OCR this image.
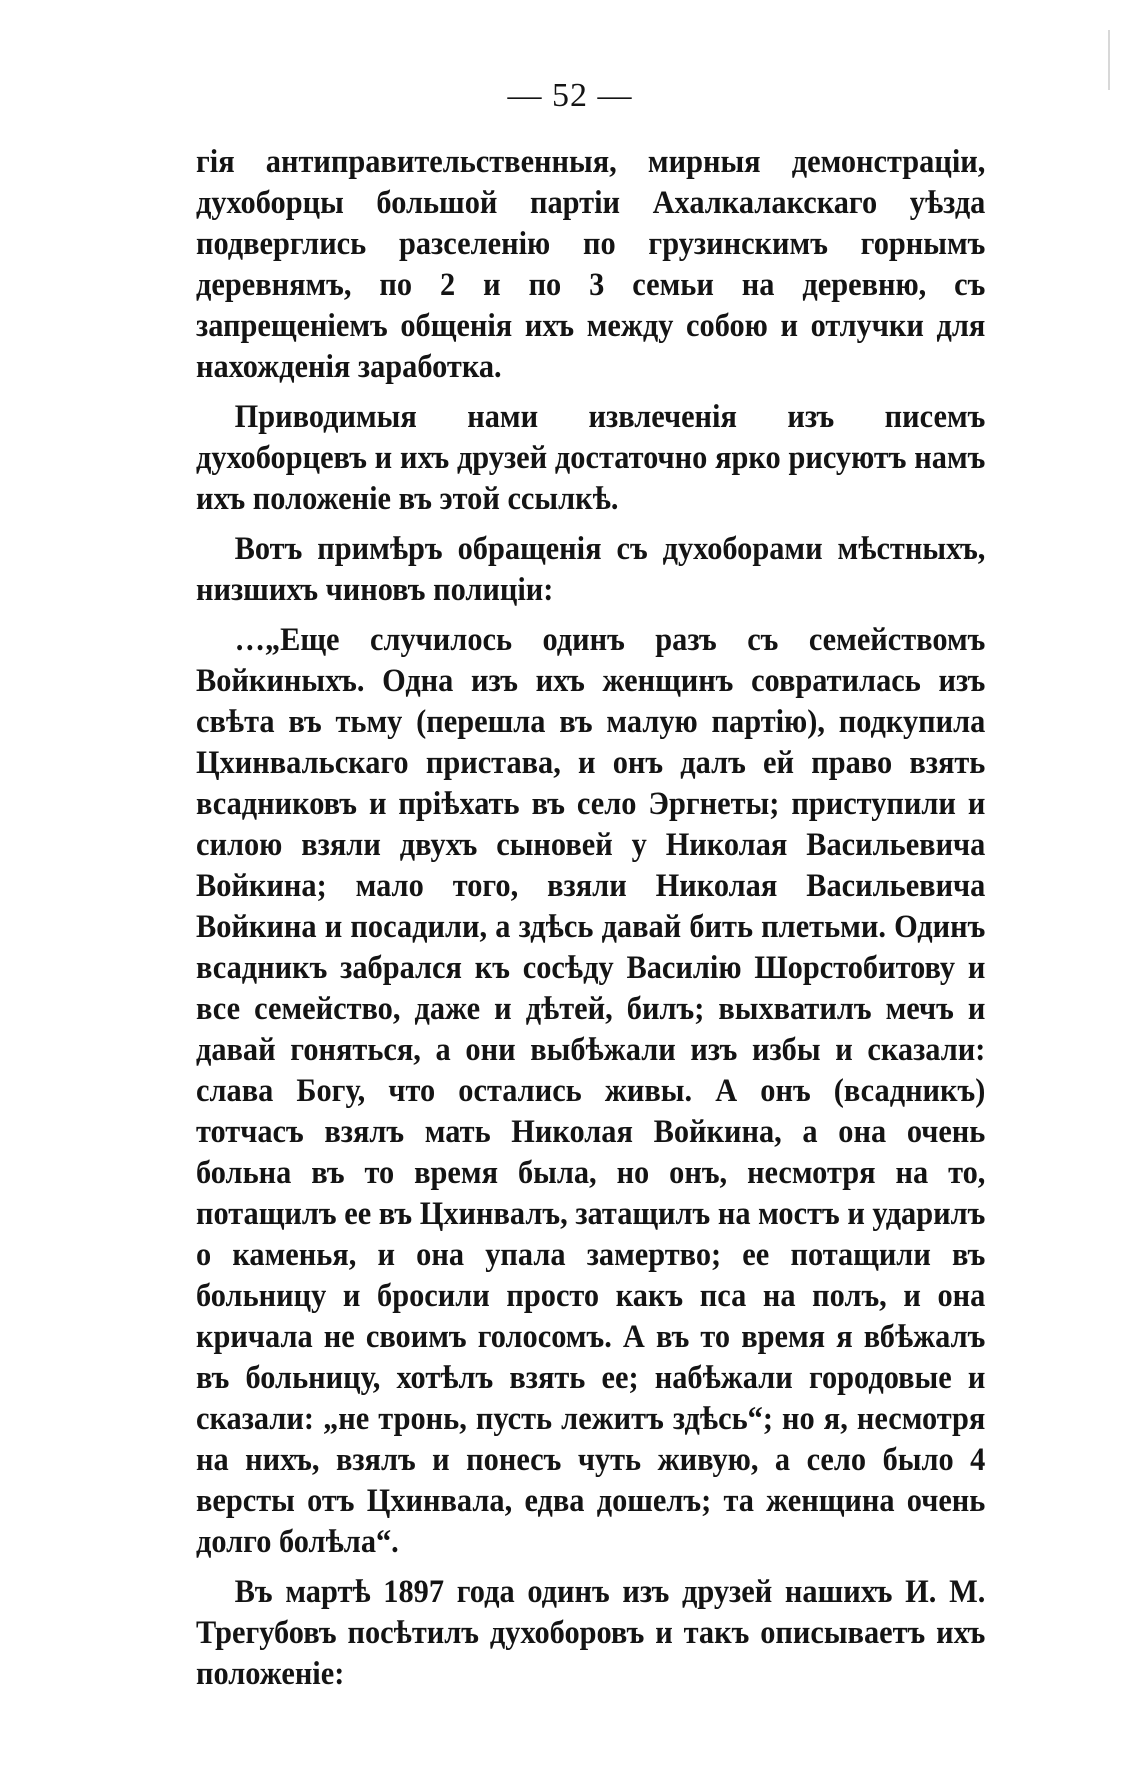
— 52 —

гія антиправительственныя, мирныя демонстраціи, духоборцы большой партіи Ахалкалакскаго уѣзда подверглись разселенію по грузинскимъ горнымъ деревнямъ, по 2 и по 3 семьи на деревню, съ запрещеніемъ общенія ихъ между собою и отлучки для нахожденія заработка.

Приводимыя нами извлеченія изъ писемъ духоборцевъ и ихъ друзей достаточно ярко рисуютъ намъ ихъ положеніе въ этой ссылкѣ.

Вотъ примѣръ обращенія съ духоборами мѣстныхъ, низшихъ чиновъ полиціи:

…„Еще случилось одинъ разъ съ семействомъ Войкиныхъ. Одна изъ ихъ женщинъ совратилась изъ свѣта въ тьму (перешла въ малую партію), подкупила Цхинвальскаго пристава, и онъ далъ ей право взять всадниковъ и пріѣхать въ село Эргнеты; приступили и силою взяли двухъ сыновей у Николая Васильевича Войкина; мало того, взяли Николая Васильевича Войкина и посадили, а здѣсь давай бить плетьми. Одинъ всадникъ забрался къ сосѣду Василію Шорстобитову и все семейство, даже и дѣтей, билъ; выхватилъ мечъ и давай гоняться, а они выбѣжали изъ избы и сказали: слава Богу, что остались живы. А онъ (всадникъ) тотчасъ взялъ мать Николая Войкина, а она очень больна въ то время была, но онъ, несмотря на то, потащилъ ее въ Цхинвалъ, затащилъ на мостъ и ударилъ о каменья, и она упала замертво; ее потащили въ больницу и бросили просто какъ пса на полъ, и она кричала не своимъ голосомъ. А въ то время я вбѣжалъ въ больницу, хотѣлъ взять ее; набѣжали городовые и сказали: „не тронь, пусть лежитъ здѣсь“; но я, несмотря на нихъ, взялъ и понесъ чуть живую, а село было 4 версты отъ Цхинвала, едва дошелъ; та женщина очень долго болѣла“.

Въ мартѣ 1897 года одинъ изъ друзей нашихъ И. М. Трегубовъ посѣтилъ духоборовъ и такъ описываетъ ихъ положеніе:
